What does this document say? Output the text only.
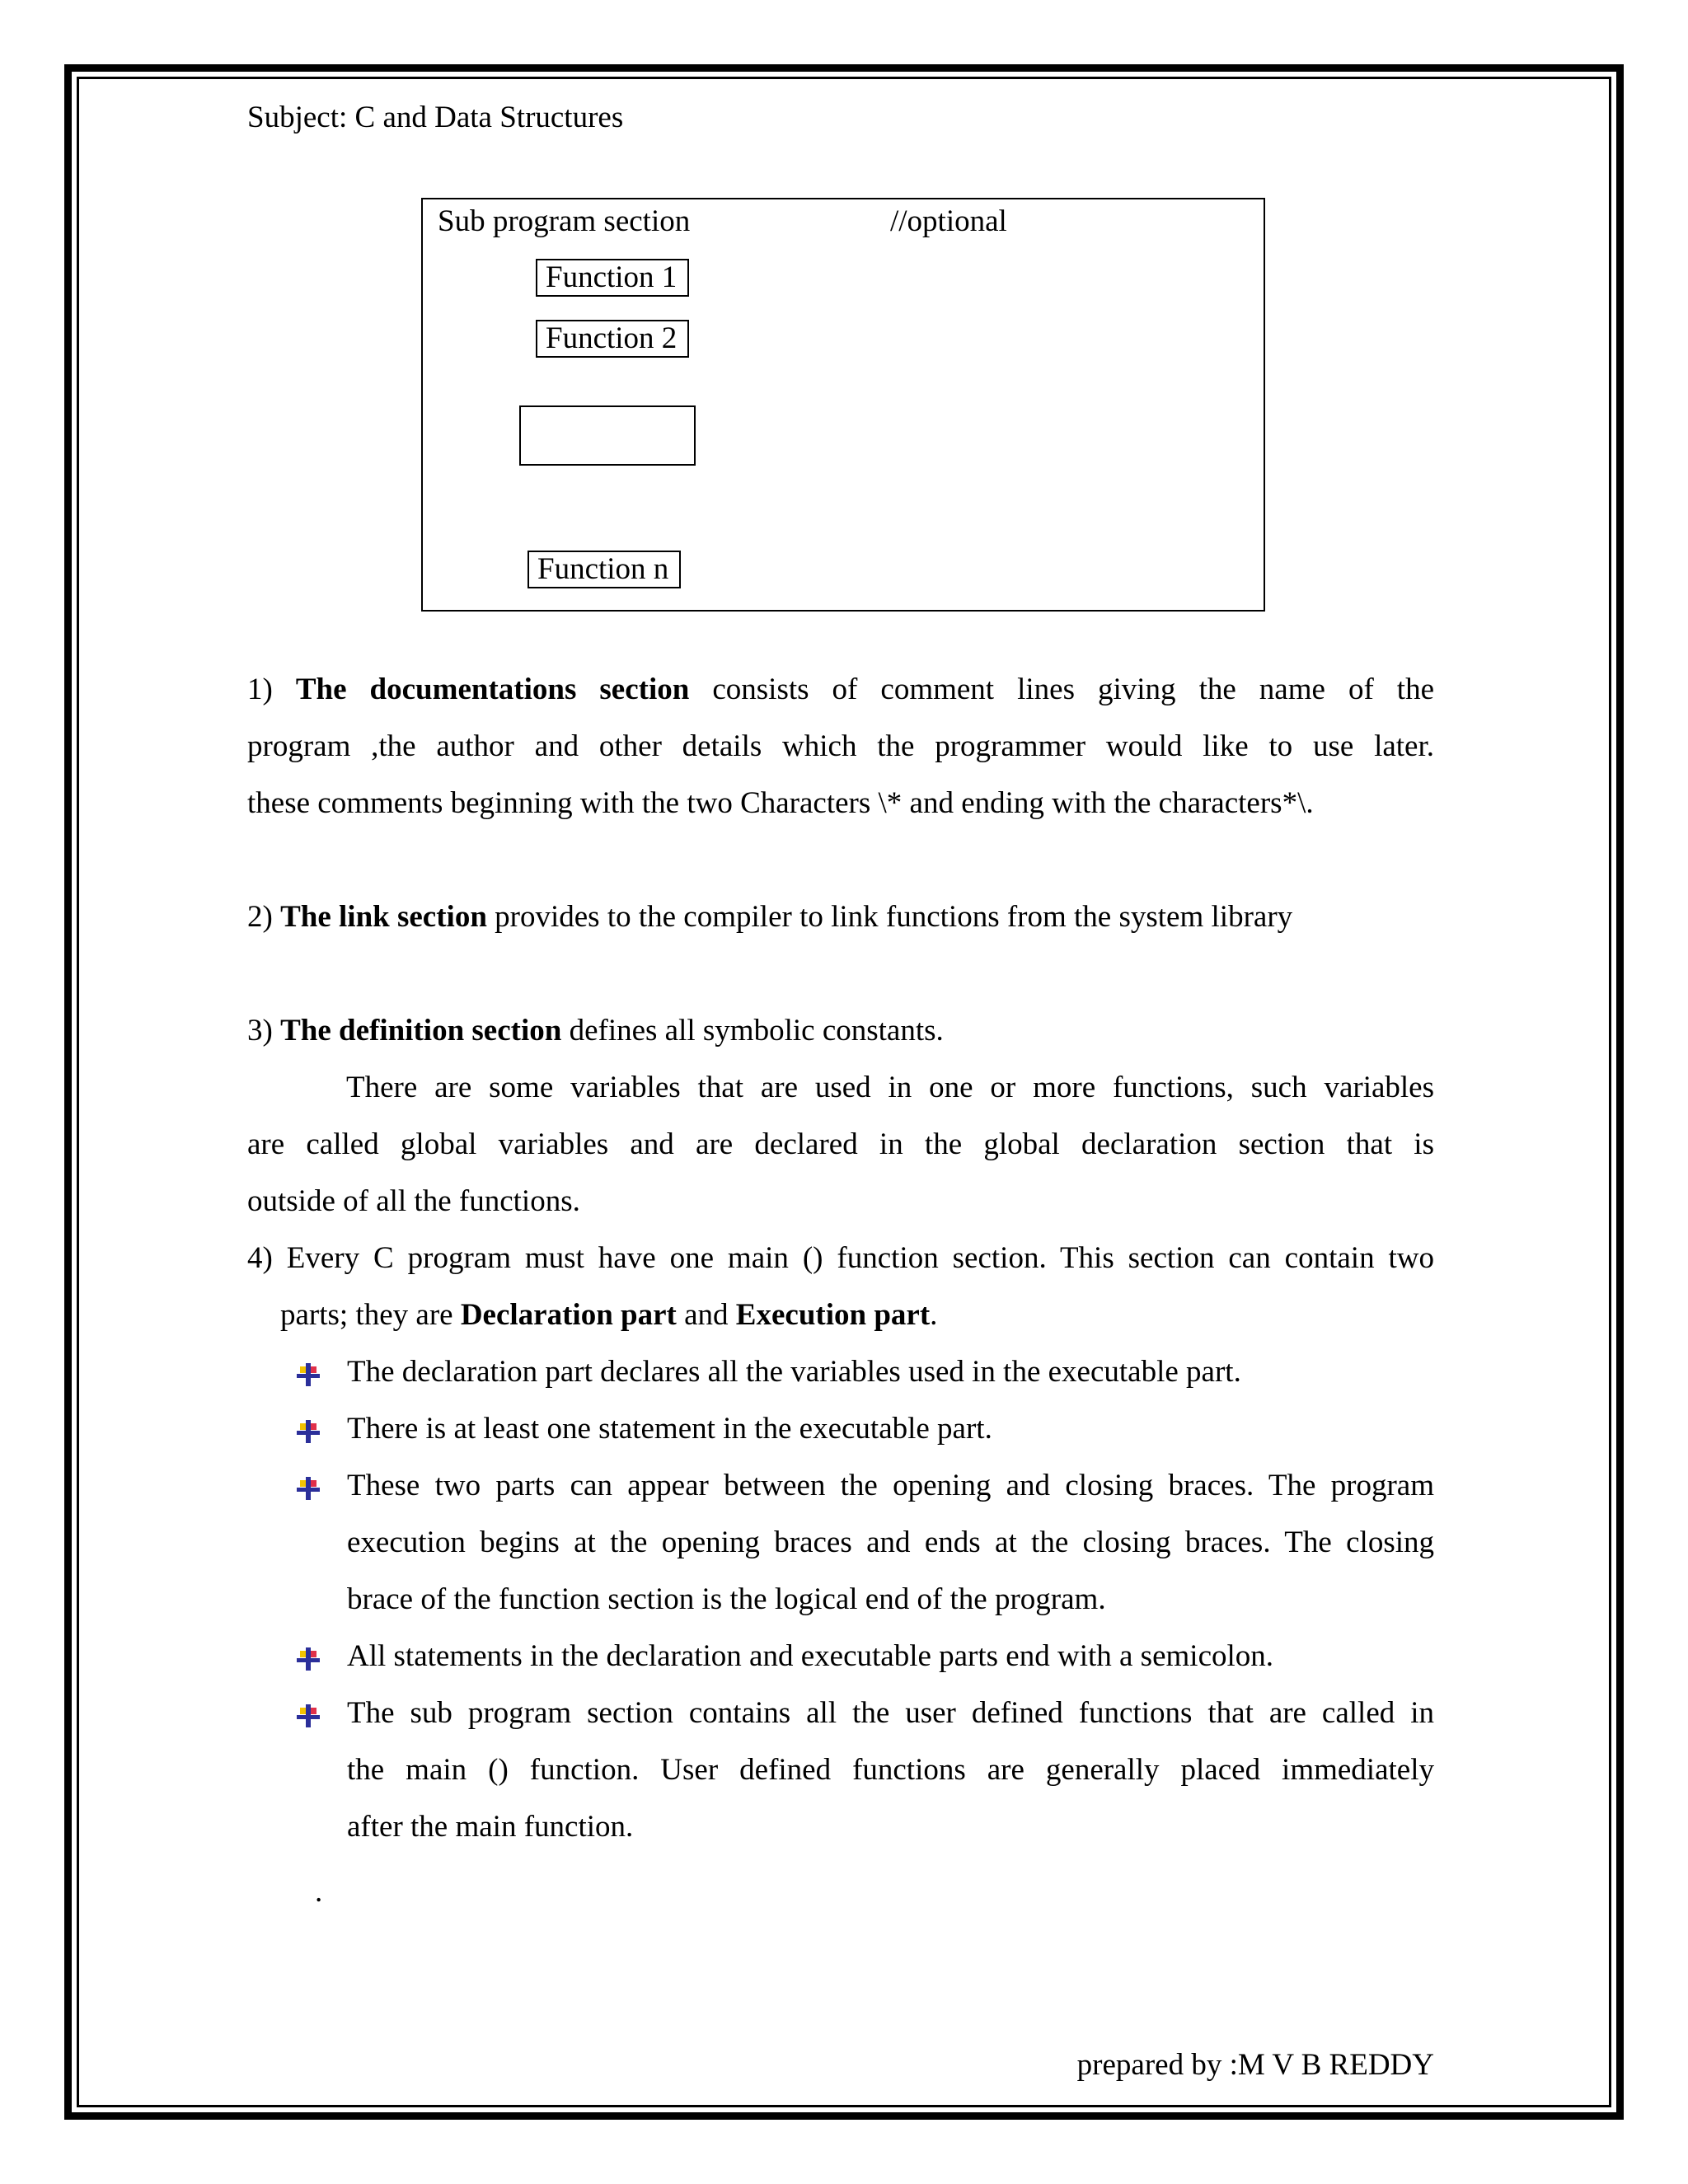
Subject: C and Data Structures
Sub program section	//optional
Function 1
Function 2
Function n
1) The documentations section consists of comment lines giving the name of the
program ,the author and other details which the programmer would like to use later.
these comments beginning with the two Characters \* and ending with the characters*\.
2) The link section provides to the compiler to link functions from the system library
3) The definition section defines all symbolic constants.
There are some variables that are used in one or more functions, such variables
are called global variables and are declared in the global declaration section that is
outside of all the functions.
4) Every C program must have one main () function section. This section can contain two
parts; they are Declaration part and Execution part.
The declaration part declares all the variables used in the executable part.
There is at least one statement in the executable part.
These two parts can appear between the opening and closing braces. The program
execution begins at the opening braces and ends at the closing braces. The closing
brace of the function section is the logical end of the program.
All statements in the declaration and executable parts end with a semicolon.
The sub program section contains all the user defined functions that are called in
the main () function. User defined functions are generally placed immediately
after the main function.
.
prepared by :M V B REDDY
